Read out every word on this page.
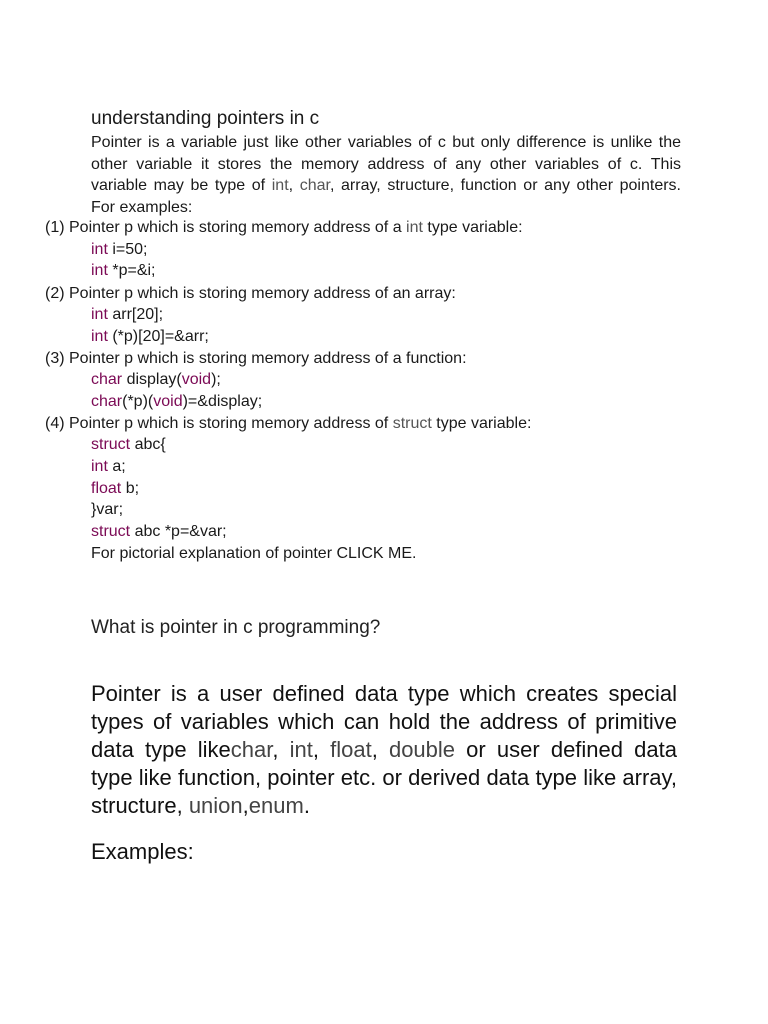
understanding pointers in c
Pointer is a variable just like other variables of c but only difference is unlike the other variable it stores the memory address of any other variables of c. This variable may be type of int, char, array, structure, function or any other pointers. For examples:
(1) Pointer p which is storing memory address of a int type variable:
int i=50;
int *p=&i;
(2) Pointer p which is storing memory address of an array:
int arr[20];
int (*p)[20]=&arr;
(3) Pointer p which is storing memory address of a function:
char display(void);
char(*p)(void)=&display;
(4) Pointer p which is storing memory address of struct type variable:
struct abc{
int a;
float b;
}var;
struct abc *p=&var;
For pictorial explanation of pointer CLICK ME.
What is pointer in c programming?
Pointer is a user defined data type which creates special types of variables which can hold the address of primitive data type likechar, int, float, double or user defined data type like function, pointer etc. or derived data type like array, structure, union,enum.
Examples:
